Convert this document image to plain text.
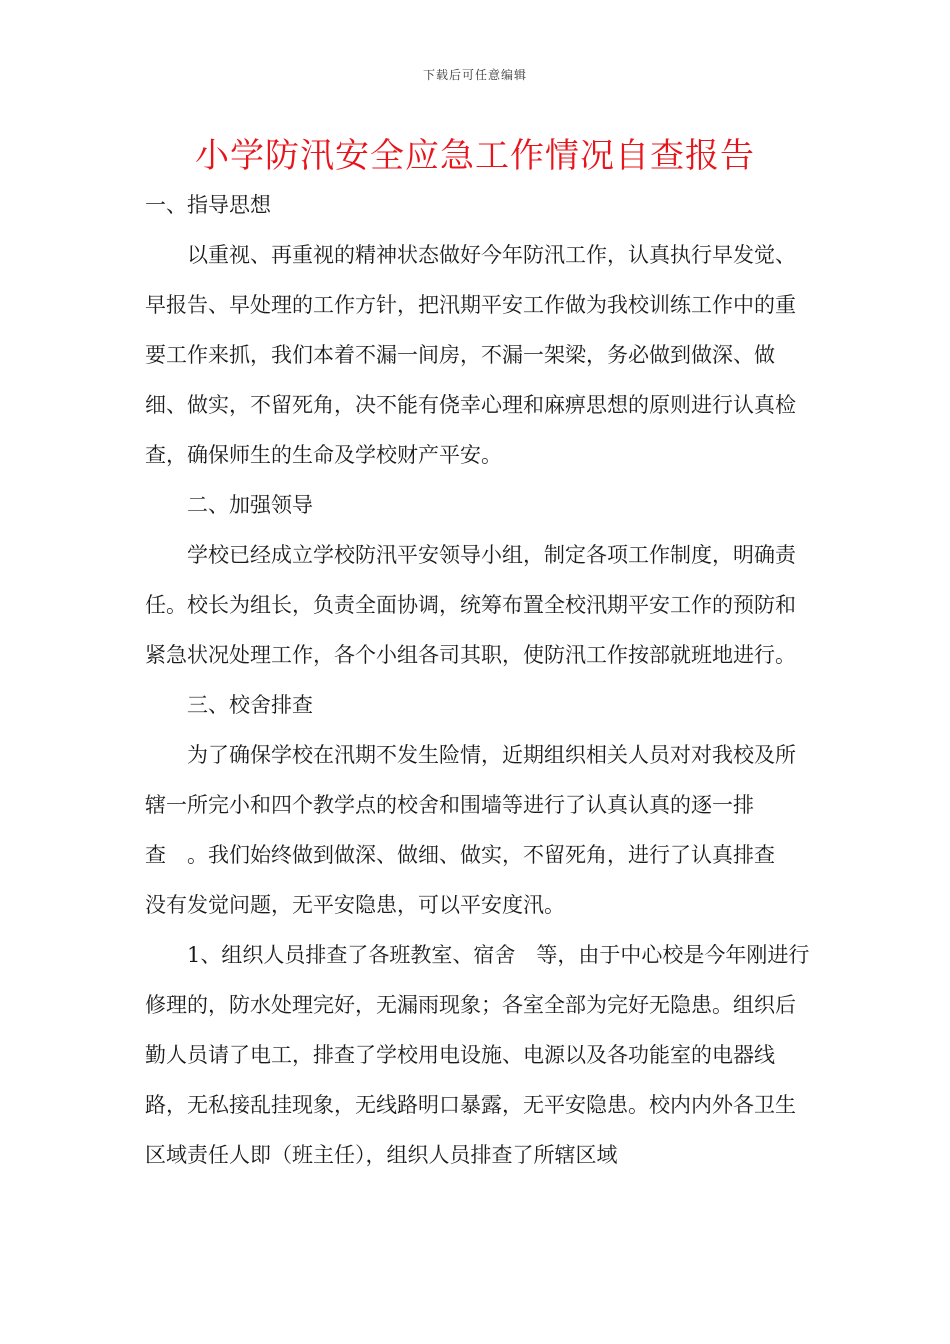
下载后可任意编辑
小学防汛安全应急工作情况自查报告

一、指导思想

以重视、再重视的精神状态做好今年防汛工作，认真执行早发觉、早报告、早处理的工作方针，把汛期平安工作做为我校训练工作中的重要工作来抓，我们本着不漏一间房，不漏一架梁，务必做到做深、做细、做实，不留死角，决不能有侥幸心理和麻痹思想的原则进行认真检查，确保师生的生命及学校财产平安。

二、加强领导

学校已经成立学校防汛平安领导小组，制定各项工作制度，明确责任。校长为组长，负责全面协调，统筹布置全校汛期平安工作的预防和紧急状况处理工作，各个小组各司其职，使防汛工作按部就班地进行。

三、校舍排查

为了确保学校在汛期不发生险情，近期组织相关人员对对我校及所辖一所完小和四个教学点的校舍和围墙等进行了认真认真的逐一排查　。我们始终做到做深、做细、做实，不留死角，进行了认真排查　没有发觉问题，无平安隐患，可以平安度汛。

1、组织人员排查了各班教室、宿舍　等，由于中心校是今年刚进行修理的，防水处理完好，无漏雨现象；各室全部为完好无隐患。组织后勤人员请了电工，排查了学校用电设施、电源以及各功能室的电器线路，无私接乱挂现象，无线路明口暴露，无平安隐患。校内内外各卫生区域责任人即（班主任），组织人员排查了所辖区域
